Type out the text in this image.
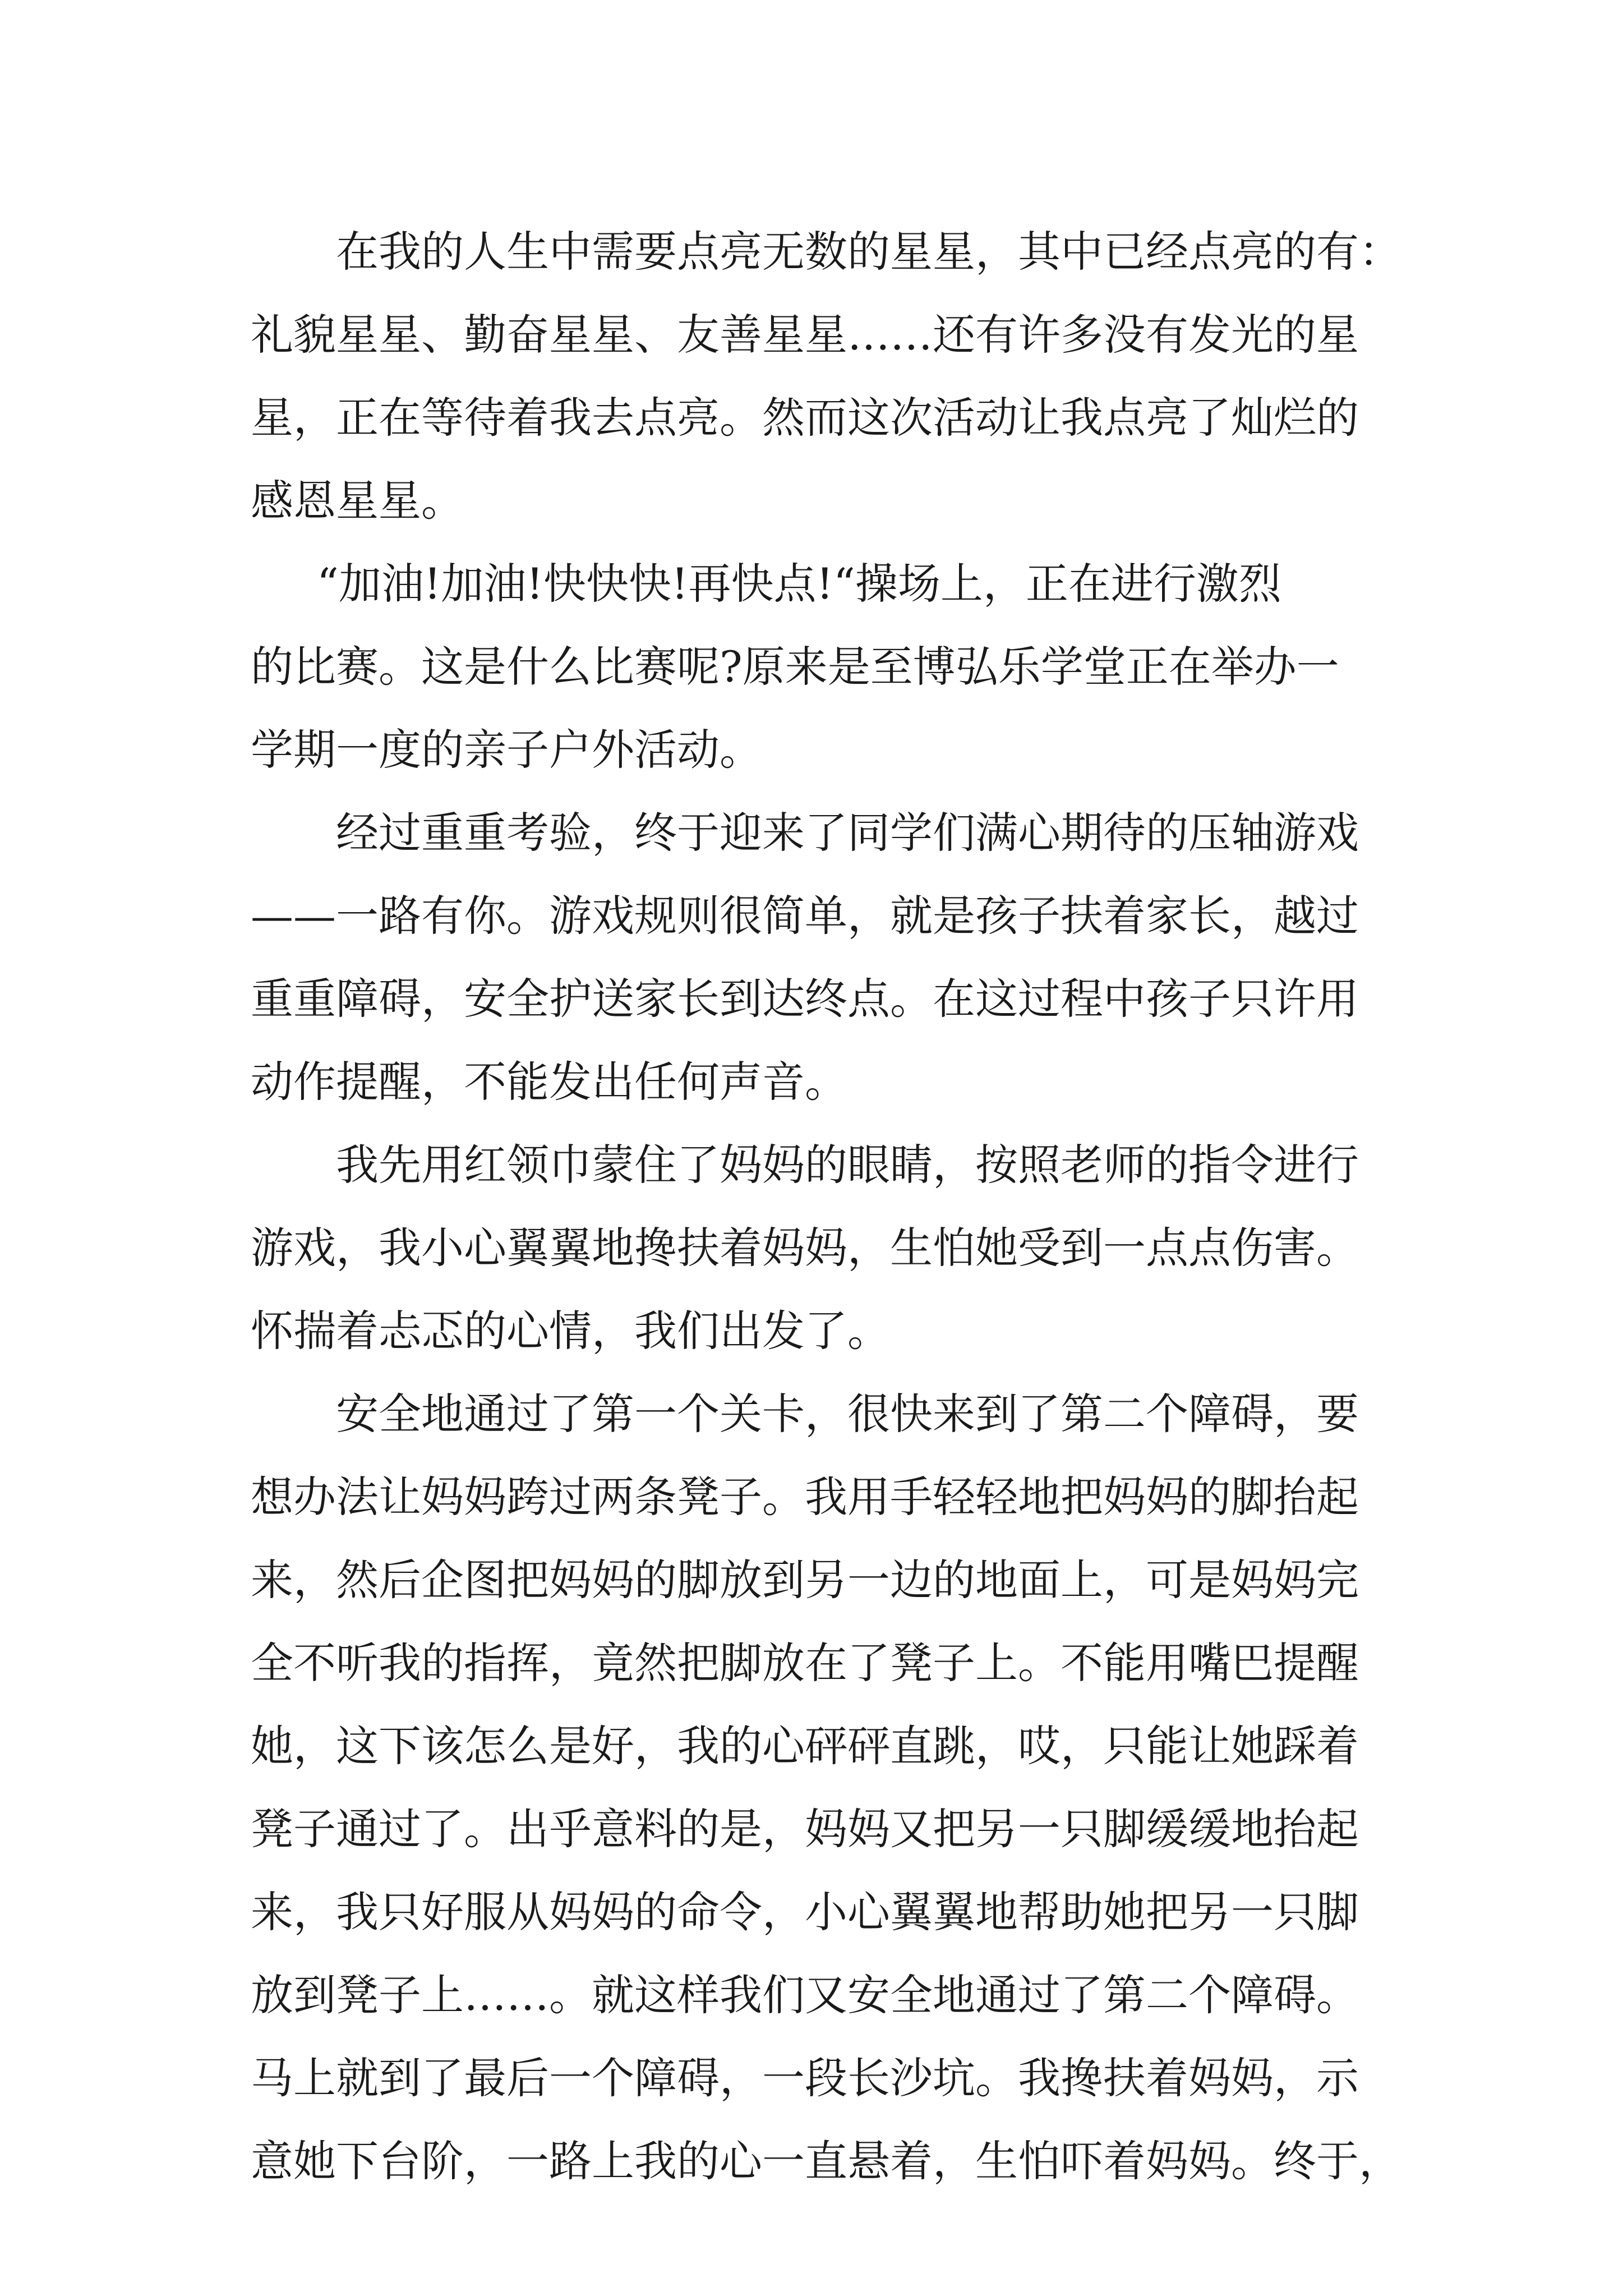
在我的人生中需要点亮无数的星星，其中已经点亮的有：
礼貌星星、勤奋星星、友善星星……还有许多没有发光的星
星，正在等待着我去点亮。然而这次活动让我点亮了灿烂的
感恩星星。
“加油!加油!快快快!再快点!“操场上，正在进行激烈
的比赛。这是什么比赛呢?原来是至博弘乐学堂正在举办一
学期一度的亲子户外活动。
经过重重考验，终于迎来了同学们满心期待的压轴游戏
——一路有你。游戏规则很简单，就是孩子扶着家长，越过
重重障碍，安全护送家长到达终点。在这过程中孩子只许用
动作提醒，不能发出任何声音。
我先用红领巾蒙住了妈妈的眼睛，按照老师的指令进行
游戏，我小心翼翼地搀扶着妈妈，生怕她受到一点点伤害。
怀揣着忐忑的心情，我们出发了。
安全地通过了第一个关卡，很快来到了第二个障碍，要
想办法让妈妈跨过两条凳子。我用手轻轻地把妈妈的脚抬起
来，然后企图把妈妈的脚放到另一边的地面上，可是妈妈完
全不听我的指挥，竟然把脚放在了凳子上。不能用嘴巴提醒
她，这下该怎么是好，我的心砰砰直跳，哎，只能让她踩着
凳子通过了。出乎意料的是，妈妈又把另一只脚缓缓地抬起
来，我只好服从妈妈的命令，小心翼翼地帮助她把另一只脚
放到凳子上……。就这样我们又安全地通过了第二个障碍。
马上就到了最后一个障碍，一段长沙坑。我搀扶着妈妈，示
意她下台阶，一路上我的心一直悬着，生怕吓着妈妈。终于，
